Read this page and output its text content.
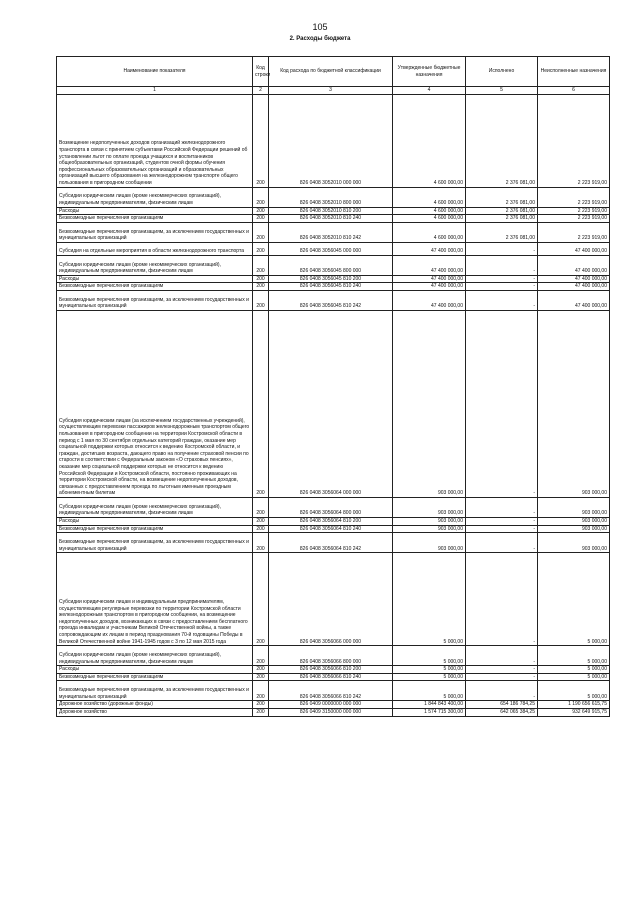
105
2. Расходы бюджета
Наименование показателя	Код строки	Код расхода по бюджетной классификации	Утвержденные бюджетные назначения	Исполнено	Неисполненные назначения
1	2	3	4	5	6
Возмещение недополученных доходов организаций железнодорожного транспорта в связи с принятием субъектами Российской Федерации решений об установлении льгот по оплате проезда учащихся и воспитанников общеобразовательных организаций, студентов очной формы обучения профессиональных образовательных организаций и образовательных организаций высшего образования на железнодорожном транспорте общего пользования в пригородном сообщении	200	826 0408 3052010 000 000	4 600 000,00	2 376 081,00	2 223 919,00
Субсидии юридическим лицам (кроме некоммерческих организаций), индивидуальным предпринимателям, физическим лицам	200	826 0408 3052010 800 000	4 600 000,00	2 376 081,00	2 223 919,00
Расходы	200	826 0408 3052010 810 200	4 600 000,00	2 376 081,00	2 223 919,00
Безвозмездные перечисления организациям	200	826 0408 3052010 810 240	4 600 000,00	2 376 081,00	2 223 919,00
Безвозмездные перечисления организациям, за исключением государственных и муниципальных организаций	200	826 0408 3052010 810 242	4 600 000,00	2 376 081,00	2 223 919,00
Субсидия на отдельные мероприятия в области железнодорожного транспорта	200	826 0408 3056045 000 000	47 400 000,00	-	47 400 000,00
Субсидии юридическим лицам (кроме некоммерческих организаций), индивидуальным предпринимателям, физическим лицам	200	826 0408 3056045 800 000	47 400 000,00	-	47 400 000,00
Расходы	200	826 0408 3056045 810 200	47 400 000,00	-	47 400 000,00
Безвозмездные перечисления организациям	200	826 0408 3056045 810 240	47 400 000,00	-	47 400 000,00
Безвозмездные перечисления организациям, за исключением государственных и муниципальных организаций	200	826 0408 3056045 810 242	47 400 000,00	-	47 400 000,00
Субсидия юридическим лицам (за исключением государственных учреждений), осуществляющим перевозки пассажиров железнодорожным транспортом общего пользования в пригородном сообщении на территории Костромской области в период с 1 мая по 30 сентября отдельных категорий граждан, оказание мер социальной поддержки которых относится к ведению Костромской области, и граждан, достигших возраста, дающего право на получение страховой пенсии по старости в соответствии с Федеральным законом «О страховых пенсиях», оказание мер социальной поддержки которых не относится к ведению Российской Федерации и Костромской области, постоянно проживающих на территории Костромской области, на возмещение недополученных доходов, связанных с предоставлением проезда по льготным именным проездным абонементным билетам	200	826 0408 3056064 000 000	903 000,00	-	903 000,00
Субсидии юридическим лицам (кроме некоммерческих организаций), индивидуальным предпринимателям, физическим лицам	200	826 0408 3056064 800 000	903 000,00	-	903 000,00
Расходы	200	826 0408 3056064 810 200	903 000,00	-	903 000,00
Безвозмездные перечисления организациям	200	826 0408 3056064 810 240	903 000,00	-	903 000,00
Безвозмездные перечисления организациям, за исключением государственных и муниципальных организаций	200	826 0408 3056064 810 242	903 000,00	-	903 000,00
Субсидии юридическим лицам и индивидуальным предпринимателям, осуществляющим регулярные перевозки по территории Костромской области железнодорожным транспортом в пригородном сообщении, на возмещение недополученных доходов, возникающих в связи с предоставлением бесплатного проезда инвалидам и участникам Великой Отечественной войны, а также сопровождающим их лицам в период празднования 70-й годовщины Победы в Великой Отечественной войне 1941-1945 годов с 3 по 12 мая 2015 года	200	826 0408 3056066 000 000	5 000,00	-	5 000,00
Субсидии юридическим лицам (кроме некоммерческих организаций), индивидуальным предпринимателям, физическим лицам	200	826 0408 3056066 800 000	5 000,00	-	5 000,00
Расходы	200	826 0408 3056066 810 200	5 000,00	-	5 000,00
Безвозмездные перечисления организациям	200	826 0408 3056066 810 240	5 000,00	-	5 000,00
Безвозмездные перечисления организациям, за исключением государственных и муниципальных организаций	200	826 0408 3056066 810 242	5 000,00	-	5 000,00
Дорожное хозяйство (дорожные фонды)	200	826 0409 0000000 000 000	1 844 843 400,00	654 186 784,25	1 190 656 615,75
Дорожное хозяйство	200	826 0409 3150000 000 000	1 574 715 300,00	642 065 384,25	932 649 915,75
